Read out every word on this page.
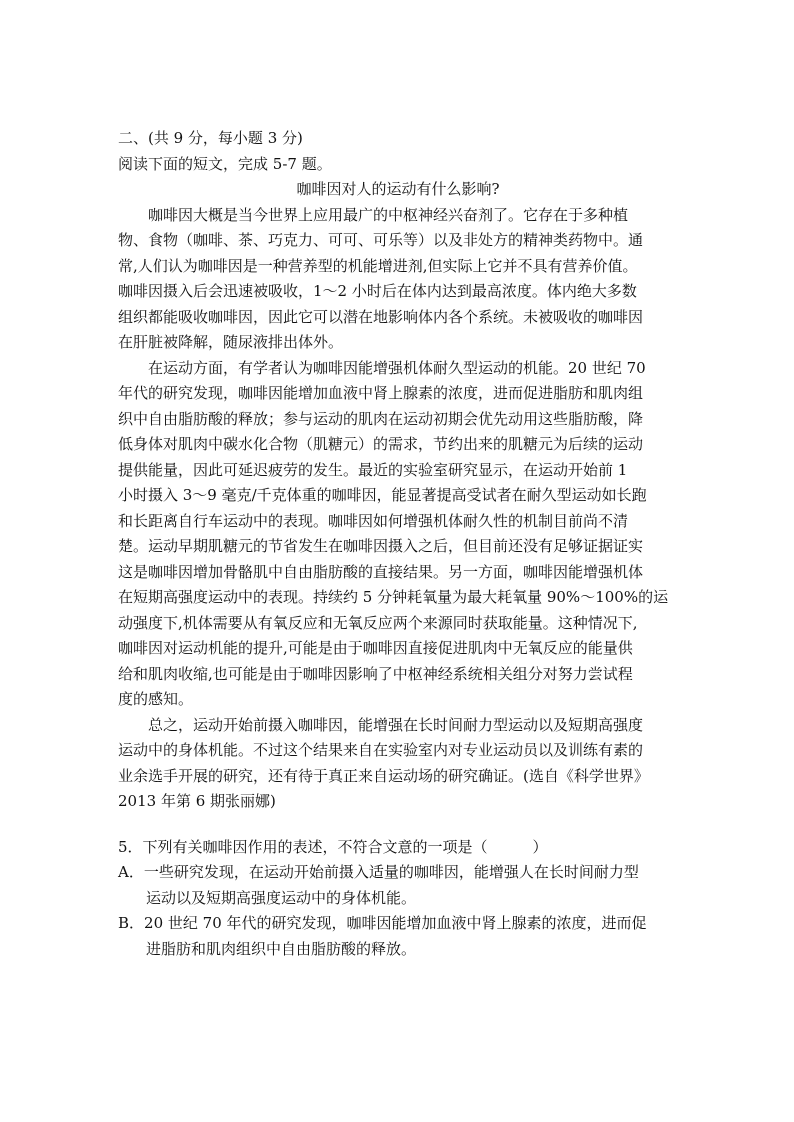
二、(共 9 分，每小题 3 分)
阅读下面的短文，完成 5-7 题。
咖啡因对人的运动有什么影响?
　　咖啡因大概是当今世界上应用最广的中枢神经兴奋剂了。它存在于多种植
物、食物（咖啡、茶、巧克力、可可、可乐等）以及非处方的精神类药物中。通
常,人们认为咖啡因是一种营养型的机能增进剂,但实际上它并不具有营养价值。
咖啡因摄入后会迅速被吸收，1～2 小时后在体内达到最高浓度。体内绝大多数
组织都能吸收咖啡因，因此它可以潜在地影响体内各个系统。未被吸收的咖啡因
在肝脏被降解，随尿液排出体外。
　　在运动方面，有学者认为咖啡因能增强机体耐久型运动的机能。20 世纪 70
年代的研究发现，咖啡因能增加血液中肾上腺素的浓度，进而促进脂肪和肌肉组
织中自由脂肪酸的释放；参与运动的肌肉在运动初期会优先动用这些脂肪酸，降
低身体对肌肉中碳水化合物（肌糖元）的需求，节约出来的肌糖元为后续的运动
提供能量，因此可延迟疲劳的发生。最近的实验室研究显示，在运动开始前 1
小时摄入 3～9 毫克/千克体重的咖啡因，能显著提高受试者在耐久型运动如长跑
和长距离自行车运动中的表现。咖啡因如何增强机体耐久性的机制目前尚不清
楚。运动早期肌糖元的节省发生在咖啡因摄入之后，但目前还没有足够证据证实
这是咖啡因增加骨骼肌中自由脂肪酸的直接结果。另一方面，咖啡因能增强机体
在短期高强度运动中的表现。持续约 5 分钟耗氧量为最大耗氧量 90%～100%的运
动强度下,机体需要从有氧反应和无氧反应两个来源同时获取能量。这种情况下,
咖啡因对运动机能的提升,可能是由于咖啡因直接促进肌肉中无氧反应的能量供
给和肌肉收缩,也可能是由于咖啡因影响了中枢神经系统相关组分对努力尝试程
度的感知。
　　总之，运动开始前摄入咖啡因，能增强在长时间耐力型运动以及短期高强度
运动中的身体机能。不过这个结果来自在实验室内对专业运动员以及训练有素的
业余选手开展的研究，还有待于真正来自运动场的研究确证。(选自《科学世界》
2013 年第 6 期张丽娜)
5．下列有关咖啡因作用的表述，不符合文意的一项是（　　　）
A．一些研究发现，在运动开始前摄入适量的咖啡因，能增强人在长时间耐力型
运动以及短期高强度运动中的身体机能。
B．20 世纪 70 年代的研究发现，咖啡因能增加血液中肾上腺素的浓度，进而促
进脂肪和肌肉组织中自由脂肪酸的释放。
